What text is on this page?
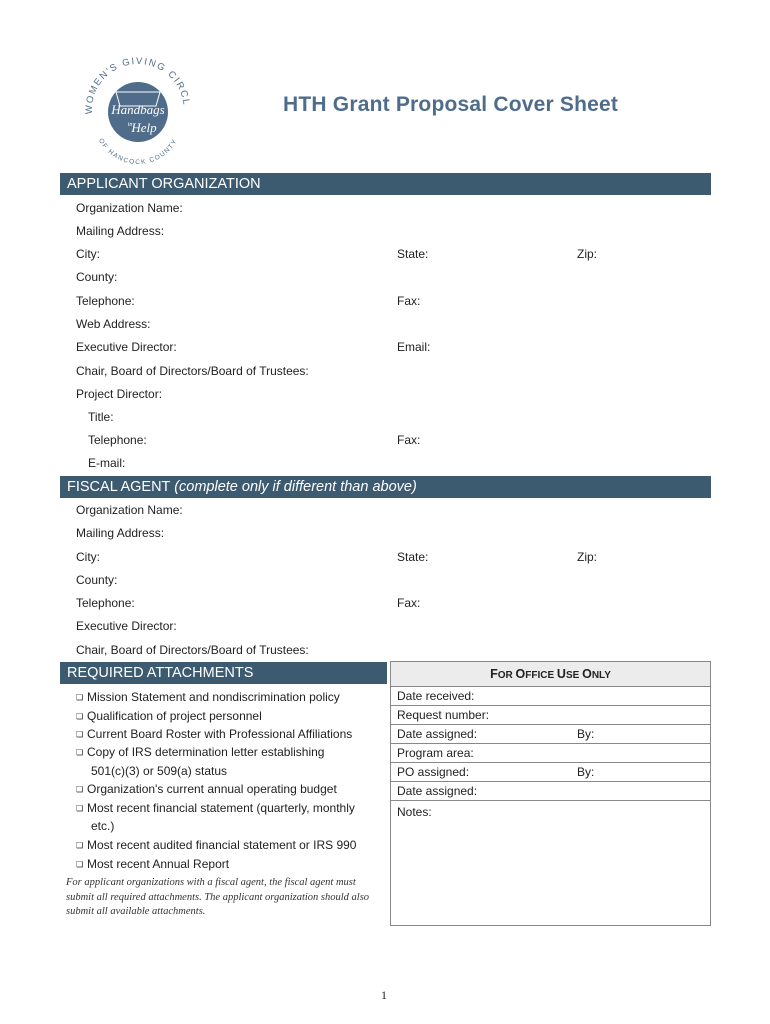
WOMEN'S GIVING CIRCL
OF HANCOCK COUNTY
Handbags
in Help
HTH Grant Proposal Cover Sheet
APPLICANT ORGANIZATION
Organization Name:
Mailing Address:
City:	State:	Zip:
County:
Telephone:	Fax:
Web Address:
Executive Director:	Email:
Chair, Board of Directors/Board of Trustees:
Project Director:
Title:
Telephone:	Fax:
E-mail:
FISCAL AGENT (complete only if different than above)
Organization Name:
Mailing Address:
City:	State:	Zip:
County:
Telephone:	Fax:
Executive Director:
Chair, Board of Directors/Board of Trustees:
REQUIRED ATTACHMENTS
❏ Mission Statement and nondiscrimination policy
❏ Qualification of project personnel
❏ Current Board Roster with Professional Affiliations
❏ Copy of IRS determination letter establishing
501(c)(3) or 509(a) status
❏ Organization's current annual operating budget
❏ Most recent financial statement (quarterly, monthly
etc.)
❏ Most recent audited financial statement or IRS 990
❏ Most recent Annual Report
For applicant organizations with a fiscal agent, the fiscal agent must submit all required attachments. The applicant organization should also submit all available attachments.
FOR OFFICE USE ONLY
Date received:
Request number:
Date assigned:	By:
Program area:
PO assigned:	By:
Date assigned:
Notes:
1
